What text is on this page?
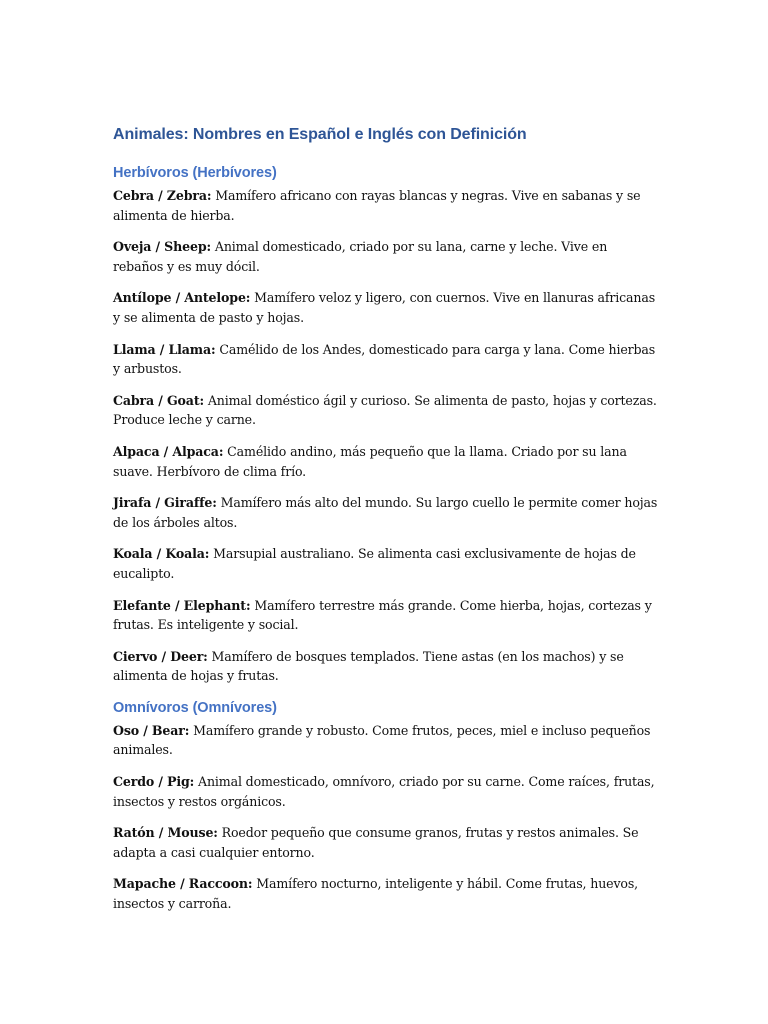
Animales: Nombres en Español e Inglés con Definición
Herbívoros (Herbívores)

Cebra / Zebra: Mamífero africano con rayas blancas y negras. Vive en sabanas y se alimenta de hierba.

Oveja / Sheep: Animal domesticado, criado por su lana, carne y leche. Vive en rebaños y es muy dócil.

Antílope / Antelope: Mamífero veloz y ligero, con cuernos. Vive en llanuras africanas y se alimenta de pasto y hojas.

Llama / Llama: Camélido de los Andes, domesticado para carga y lana. Come hierbas y arbustos.

Cabra / Goat: Animal doméstico ágil y curioso. Se alimenta de pasto, hojas y cortezas. Produce leche y carne.

Alpaca / Alpaca: Camélido andino, más pequeño que la llama. Criado por su lana suave. Herbívoro de clima frío.

Jirafa / Giraffe: Mamífero más alto del mundo. Su largo cuello le permite comer hojas de los árboles altos.

Koala / Koala: Marsupial australiano. Se alimenta casi exclusivamente de hojas de eucalipto.

Elefante / Elephant: Mamífero terrestre más grande. Come hierba, hojas, cortezas y frutas. Es inteligente y social.

Ciervo / Deer: Mamífero de bosques templados. Tiene astas (en los machos) y se alimenta de hojas y frutas.

Omnívoros (Omnívores)

Oso / Bear: Mamífero grande y robusto. Come frutos, peces, miel e incluso pequeños animales.

Cerdo / Pig: Animal domesticado, omnívoro, criado por su carne. Come raíces, frutas, insectos y restos orgánicos.

Ratón / Mouse: Roedor pequeño que consume granos, frutas y restos animales. Se adapta a casi cualquier entorno.

Mapache / Raccoon: Mamífero nocturno, inteligente y hábil. Come frutas, huevos, insectos y carroña.
